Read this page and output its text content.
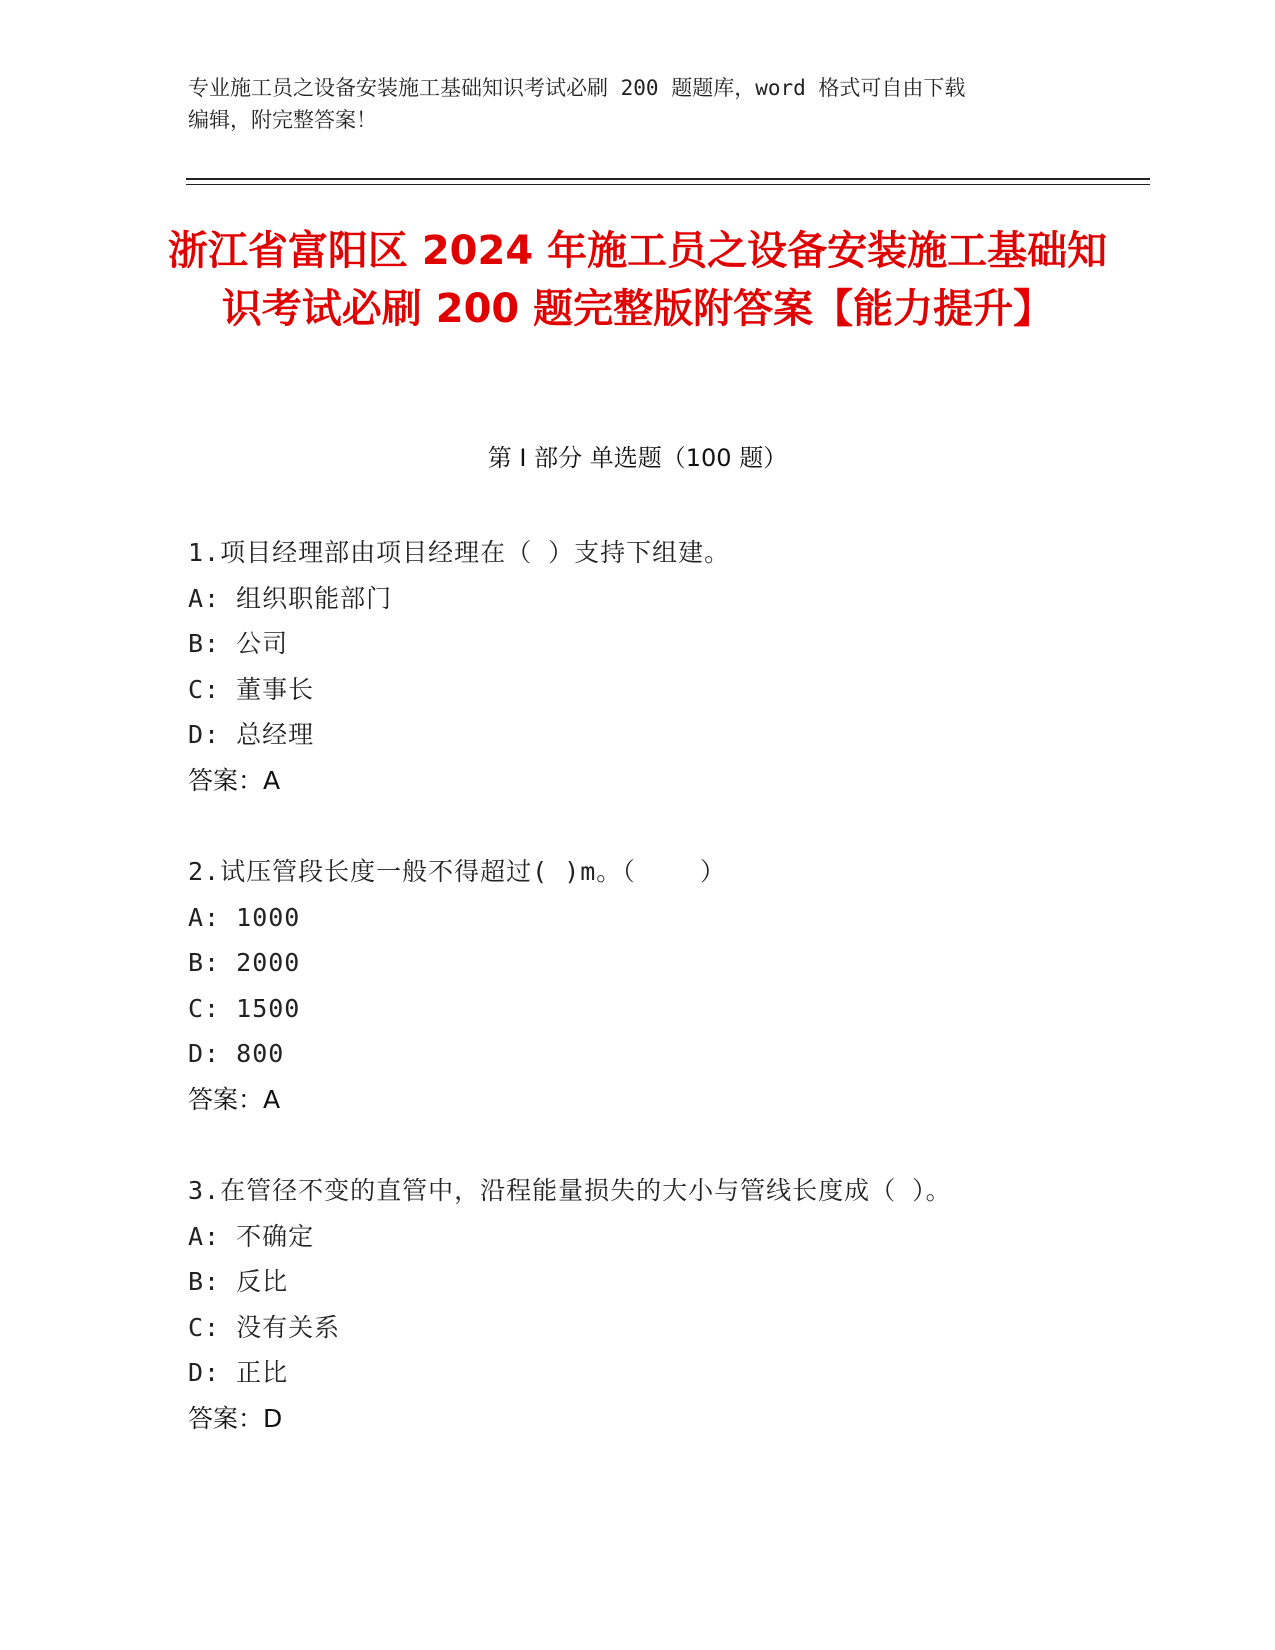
专业施工员之设备安装施工基础知识考试必刷 200 题题库，word 格式可自由下载
编辑，附完整答案！
浙江省富阳区 2024 年施工员之设备安装施工基础知识考试必刷 200 题完整版附答案【能力提升】
第 I 部分 单选题（100 题）
1.项目经理部由项目经理在（ ）支持下组建。
A: 组织职能部门
B: 公司
C: 董事长
D: 总经理
答案：A
2.试压管段长度一般不得超过( )m。（    ）
A: 1000
B: 2000
C: 1500
D: 800
答案：A
3.在管径不变的直管中，沿程能量损失的大小与管线长度成（ ）。
A: 不确定
B: 反比
C: 没有关系
D: 正比
答案：D
